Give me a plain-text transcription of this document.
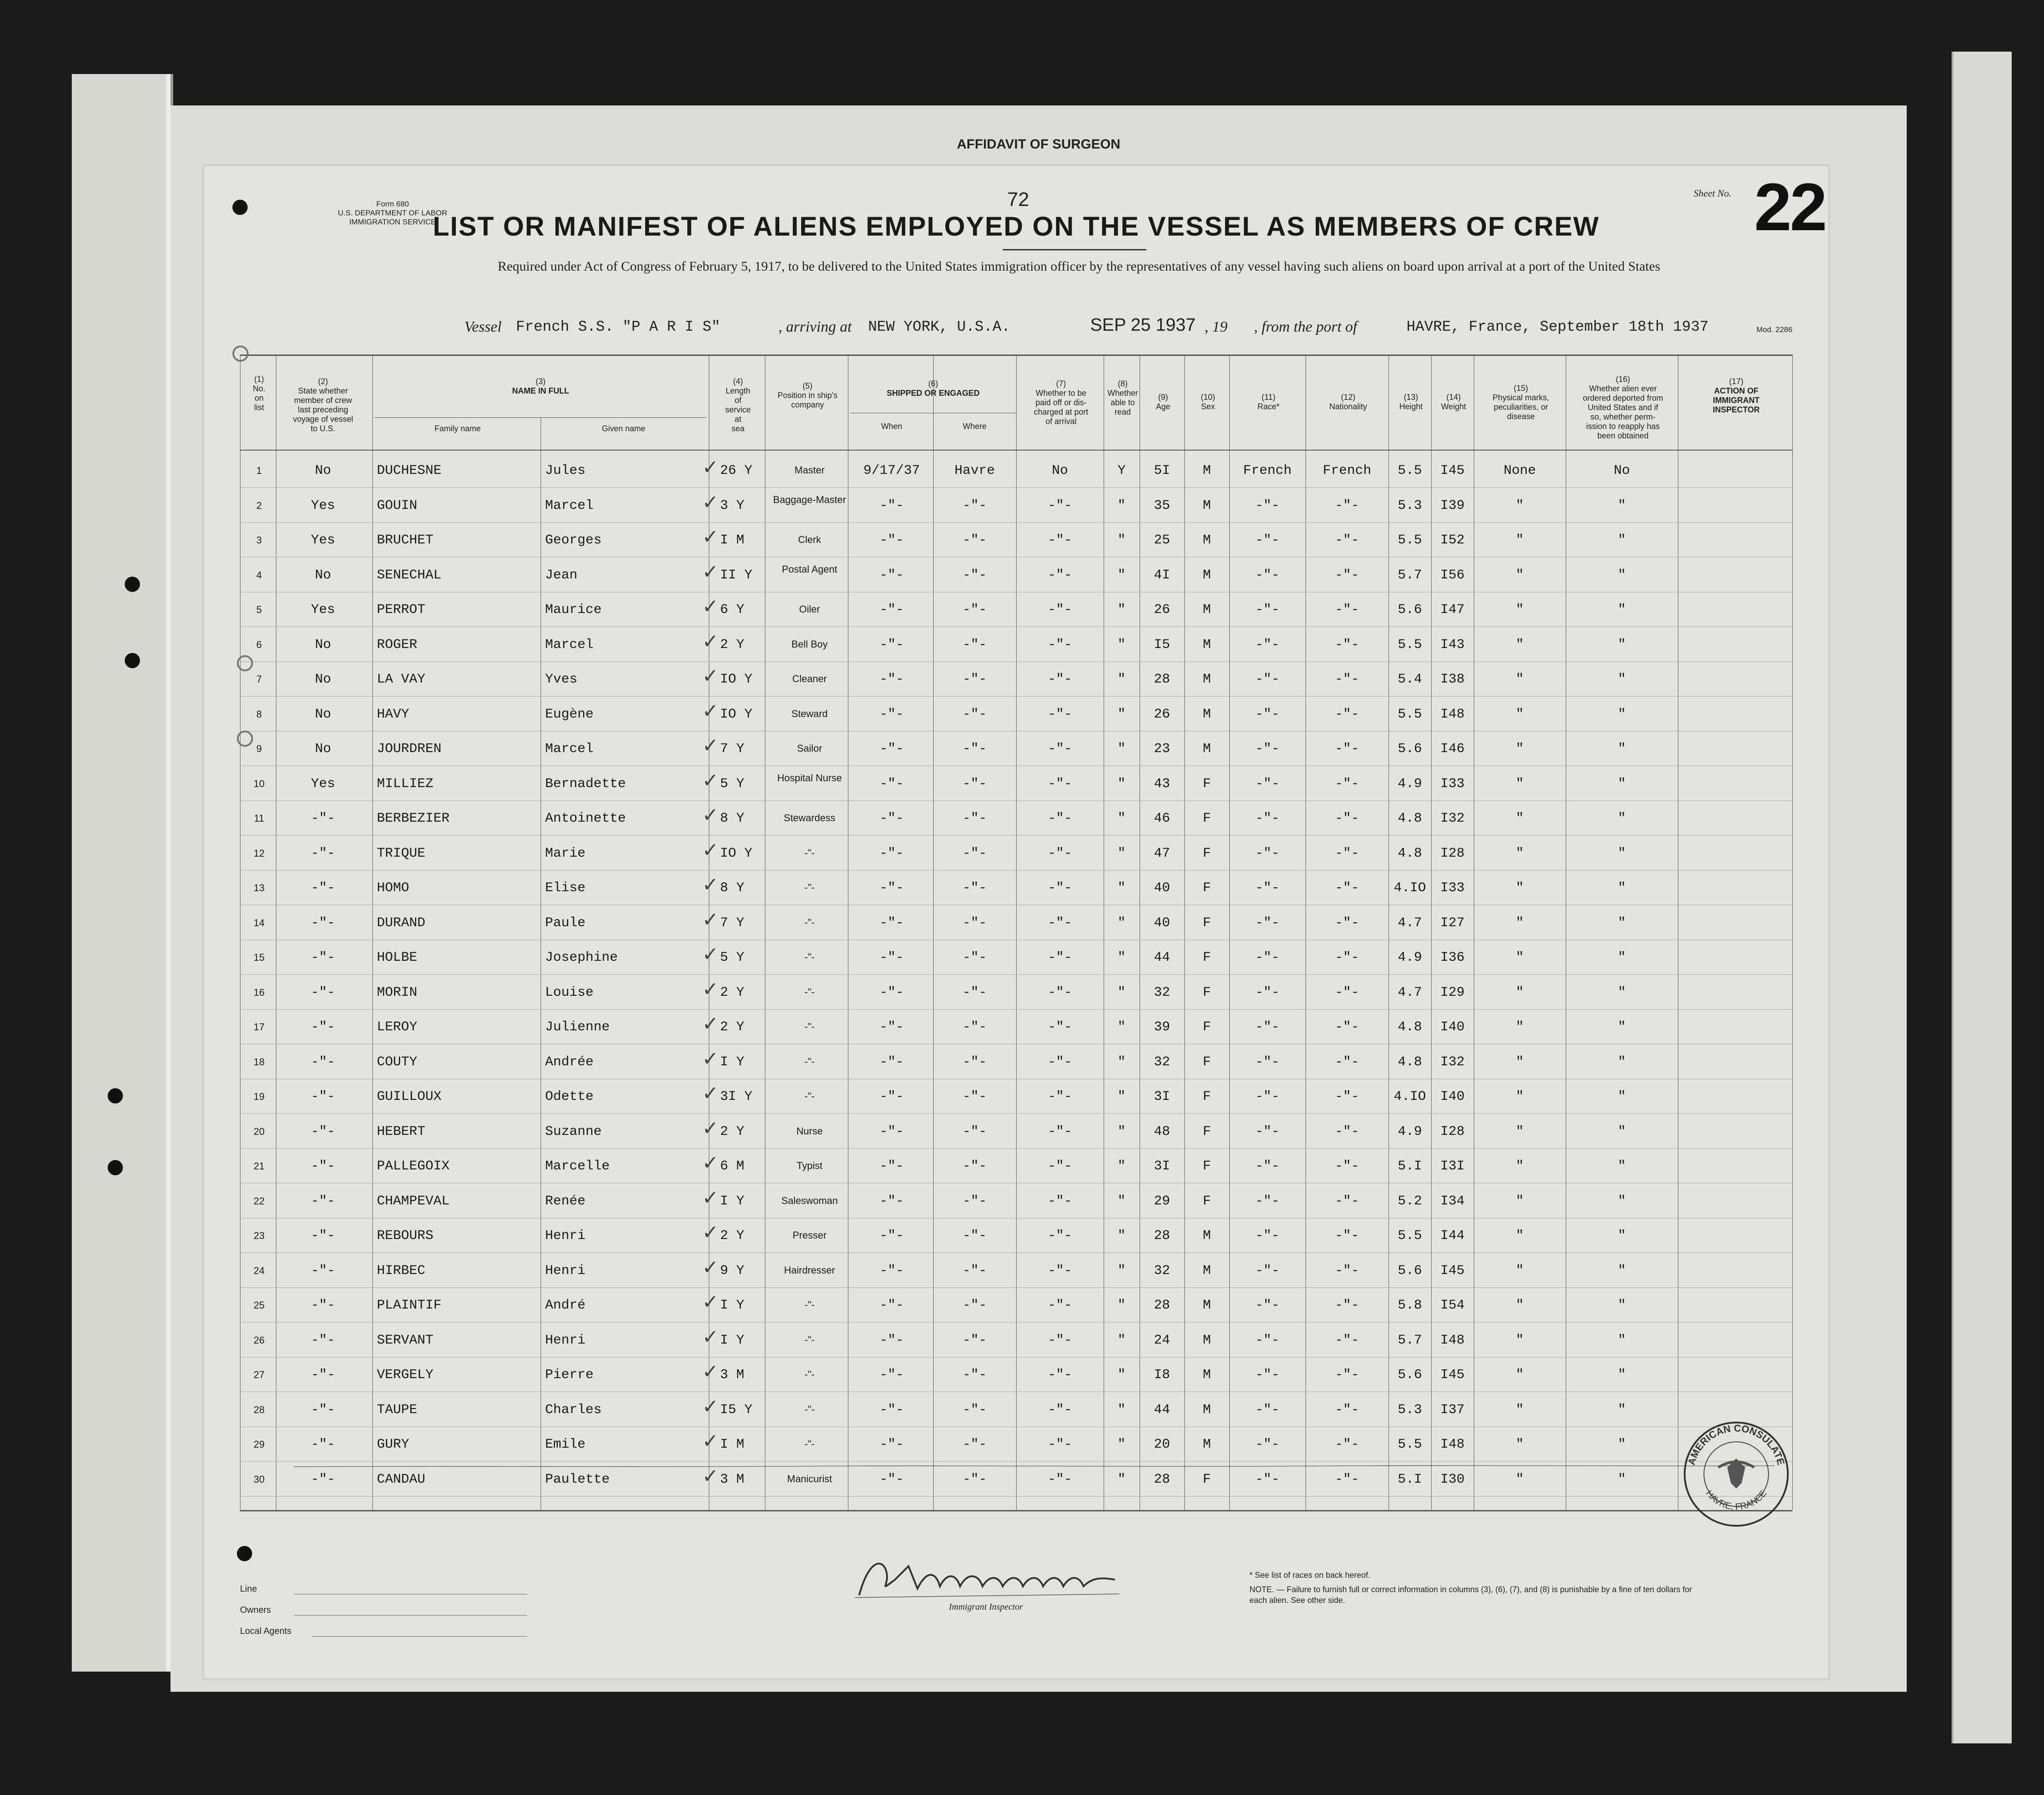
AFFIDAVIT OF SURGEON
Form 680
U.S. DEPARTMENT OF LABOR
IMMIGRATION SERVICE
72	Sheet No. 22
LIST OR MANIFEST OF ALIENS EMPLOYED ON THE VESSEL AS MEMBERS OF CREW
Required under Act of Congress of February 5, 1917, to be delivered to the United States immigration officer by the representatives of any vessel having such aliens on board upon arrival at a port of the United States
Vessel French S.S. "P A R I S"	, arriving at NEW YORK, U.S.A.	SEP 25 1937 , 19 , from the port of	HAVRE, France, September 18th 1937	Mod. 2286
(1)
No.
on
list
(2)
State whether
member of crew
last preceding
voyage of vessel
to U.S.
(3)
NAME IN FULL
Family name	Given name
(4)
Length
of
service
at
sea
(5)
Position in ship's
company
(6)
SHIPPED OR ENGAGED
When	Where
(7)
Whether to be
paid off or dis-
charged at port
of arrival
(8)
Whether
able to
read
(9)
Age
(10)
Sex
(11)
Race*
(12)
Nationality
(13)
Height
(14)
Weight
(15)
Physical marks,
peculiarities, or
disease
(16)
Whether alien ever
ordered deported from
United States and if
so, whether perm-
ission to reapply has
been obtained
(17)
ACTION OF
IMMIGRANT
INSPECTOR
1	No	DUCHESNE	Jules	26 Y	Master	9/17/37	Havre	No	Y	5I	M	French	French	5.5	I45	None	No
✓
2	Yes	GOUIN	Marcel	3 Y	Baggage-Master	-"-	-"-	-"-	"	35	M	-"-	-"-	5.3	I39	"	"
✓
3	Yes	BRUCHET	Georges	I M	Clerk	-"-	-"-	-"-	"	25	M	-"-	-"-	5.5	I52	"	"
✓
4	No	SENECHAL	Jean	II Y	Postal Agent	-"-	-"-	-"-	"	4I	M	-"-	-"-	5.7	I56	"	"
✓
5	Yes	PERROT	Maurice	6 Y	Oiler	-"-	-"-	-"-	"	26	M	-"-	-"-	5.6	I47	"	"
✓
6	No	ROGER	Marcel	2 Y	Bell Boy	-"-	-"-	-"-	"	I5	M	-"-	-"-	5.5	I43	"	"
✓
7	No	LA VAY	Yves	IO Y	Cleaner	-"-	-"-	-"-	"	28	M	-"-	-"-	5.4	I38	"	"
✓
8	No	HAVY	Eugène	IO Y	Steward	-"-	-"-	-"-	"	26	M	-"-	-"-	5.5	I48	"	"
✓
9	No	JOURDREN	Marcel	7 Y	Sailor	-"-	-"-	-"-	"	23	M	-"-	-"-	5.6	I46	"	"
✓
10	Yes	MILLIEZ	Bernadette	5 Y	Hospital Nurse	-"-	-"-	-"-	"	43	F	-"-	-"-	4.9	I33	"	"
✓
11	-"-	BERBEZIER	Antoinette	8 Y	Stewardess	-"-	-"-	-"-	"	46	F	-"-	-"-	4.8	I32	"	"
✓
12	-"-	TRIQUE	Marie	IO Y	-"-	-"-	-"-	-"-	"	47	F	-"-	-"-	4.8	I28	"	"
✓
13	-"-	HOMO	Elise	8 Y	-"-	-"-	-"-	-"-	"	40	F	-"-	-"-	4.IO	I33	"	"
✓
14	-"-	DURAND	Paule	7 Y	-"-	-"-	-"-	-"-	"	40	F	-"-	-"-	4.7	I27	"	"
✓
15	-"-	HOLBE	Josephine	5 Y	-"-	-"-	-"-	-"-	"	44	F	-"-	-"-	4.9	I36	"	"
✓
16	-"-	MORIN	Louise	2 Y	-"-	-"-	-"-	-"-	"	32	F	-"-	-"-	4.7	I29	"	"
✓
17	-"-	LEROY	Julienne	2 Y	-"-	-"-	-"-	-"-	"	39	F	-"-	-"-	4.8	I40	"	"
✓
18	-"-	COUTY	Andrée	I Y	-"-	-"-	-"-	-"-	"	32	F	-"-	-"-	4.8	I32	"	"
✓
19	-"-	GUILLOUX	Odette	3I Y	-"-	-"-	-"-	-"-	"	3I	F	-"-	-"-	4.IO	I40	"	"
✓
20	-"-	HEBERT	Suzanne	2 Y	Nurse	-"-	-"-	-"-	"	48	F	-"-	-"-	4.9	I28	"	"
✓
21	-"-	PALLEGOIX	Marcelle	6 M	Typist	-"-	-"-	-"-	"	3I	F	-"-	-"-	5.I	I3I	"	"
✓
22	-"-	CHAMPEVAL	Renée	I Y	Saleswoman	-"-	-"-	-"-	"	29	F	-"-	-"-	5.2	I34	"	"
✓
23	-"-	REBOURS	Henri	2 Y	Presser	-"-	-"-	-"-	"	28	M	-"-	-"-	5.5	I44	"	"
✓
24	-"-	HIRBEC	Henri	9 Y	Hairdresser	-"-	-"-	-"-	"	32	M	-"-	-"-	5.6	I45	"	"
✓
25	-"-	PLAINTIF	André	I Y	-"-	-"-	-"-	-"-	"	28	M	-"-	-"-	5.8	I54	"	"
✓
26	-"-	SERVANT	Henri	I Y	-"-	-"-	-"-	-"-	"	24	M	-"-	-"-	5.7	I48	"	"
✓
27	-"-	VERGELY	Pierre	3 M	-"-	-"-	-"-	-"-	"	I8	M	-"-	-"-	5.6	I45	"	"
✓
28	-"-	TAUPE	Charles	I5 Y	-"-	-"-	-"-	-"-	"	44	M	-"-	-"-	5.3	I37	"	"
✓
29	-"-	GURY	Emile	I M	-"-	-"-	-"-	-"-	"	20	M	-"-	-"-	5.5	I48	"	"
✓
30	-"-	CANDAU	Paulette	3 M	Manicurist	-"-	-"-	-"-	"	28	F	-"-	-"-	5.I	I30	"	"
✓
AMERICAN CONSULATE
HAVRE, FRANCE
Line
Owners
Local Agents
Immigrant Inspector
* See list of races on back hereof.
NOTE. — Failure to furnish full or correct information in columns (3), (6), (7), and (8) is punishable by a fine of ten dollars for each alien. See other side.
